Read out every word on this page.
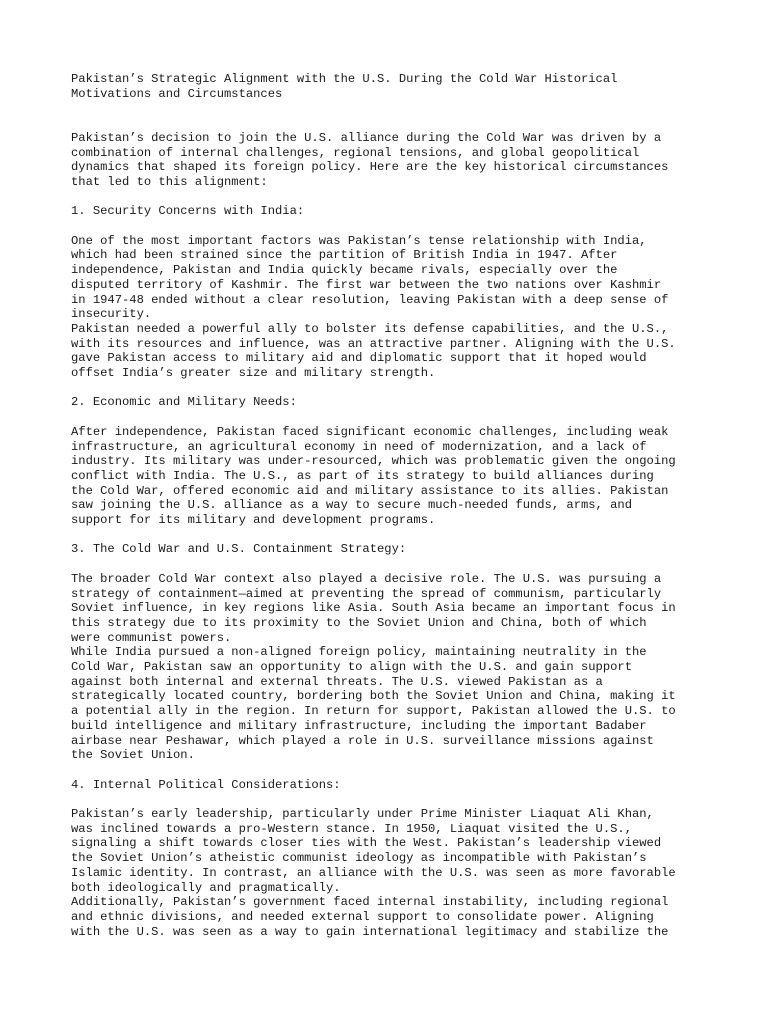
Pakistan’s Strategic Alignment with the U.S. During the Cold War Historical
Motivations and Circumstances

Pakistan’s decision to join the U.S. alliance during the Cold War was driven by a
combination of internal challenges, regional tensions, and global geopolitical
dynamics that shaped its foreign policy. Here are the key historical circumstances
that led to this alignment:

1. Security Concerns with India:

One of the most important factors was Pakistan’s tense relationship with India,
which had been strained since the partition of British India in 1947. After
independence, Pakistan and India quickly became rivals, especially over the
disputed territory of Kashmir. The first war between the two nations over Kashmir
in 1947-48 ended without a clear resolution, leaving Pakistan with a deep sense of
insecurity.

Pakistan needed a powerful ally to bolster its defense capabilities, and the U.S.,
with its resources and influence, was an attractive partner. Aligning with the U.S.
gave Pakistan access to military aid and diplomatic support that it hoped would
offset India’s greater size and military strength.

2. Economic and Military Needs:

After independence, Pakistan faced significant economic challenges, including weak
infrastructure, an agricultural economy in need of modernization, and a lack of
industry. Its military was under-resourced, which was problematic given the ongoing
conflict with India. The U.S., as part of its strategy to build alliances during
the Cold War, offered economic aid and military assistance to its allies. Pakistan
saw joining the U.S. alliance as a way to secure much-needed funds, arms, and
support for its military and development programs.

3. The Cold War and U.S. Containment Strategy:

The broader Cold War context also played a decisive role. The U.S. was pursuing a
strategy of containment—aimed at preventing the spread of communism, particularly
Soviet influence, in key regions like Asia. South Asia became an important focus in
this strategy due to its proximity to the Soviet Union and China, both of which
were communist powers.

While India pursued a non-aligned foreign policy, maintaining neutrality in the
Cold War, Pakistan saw an opportunity to align with the U.S. and gain support
against both internal and external threats. The U.S. viewed Pakistan as a
strategically located country, bordering both the Soviet Union and China, making it
a potential ally in the region. In return for support, Pakistan allowed the U.S. to
build intelligence and military infrastructure, including the important Badaber
airbase near Peshawar, which played a role in U.S. surveillance missions against
the Soviet Union.

4. Internal Political Considerations:

Pakistan’s early leadership, particularly under Prime Minister Liaquat Ali Khan,
was inclined towards a pro-Western stance. In 1950, Liaquat visited the U.S.,
signaling a shift towards closer ties with the West. Pakistan’s leadership viewed
the Soviet Union’s atheistic communist ideology as incompatible with Pakistan’s
Islamic identity. In contrast, an alliance with the U.S. was seen as more favorable
both ideologically and pragmatically.

Additionally, Pakistan’s government faced internal instability, including regional
and ethnic divisions, and needed external support to consolidate power. Aligning
with the U.S. was seen as a way to gain international legitimacy and stabilize the
